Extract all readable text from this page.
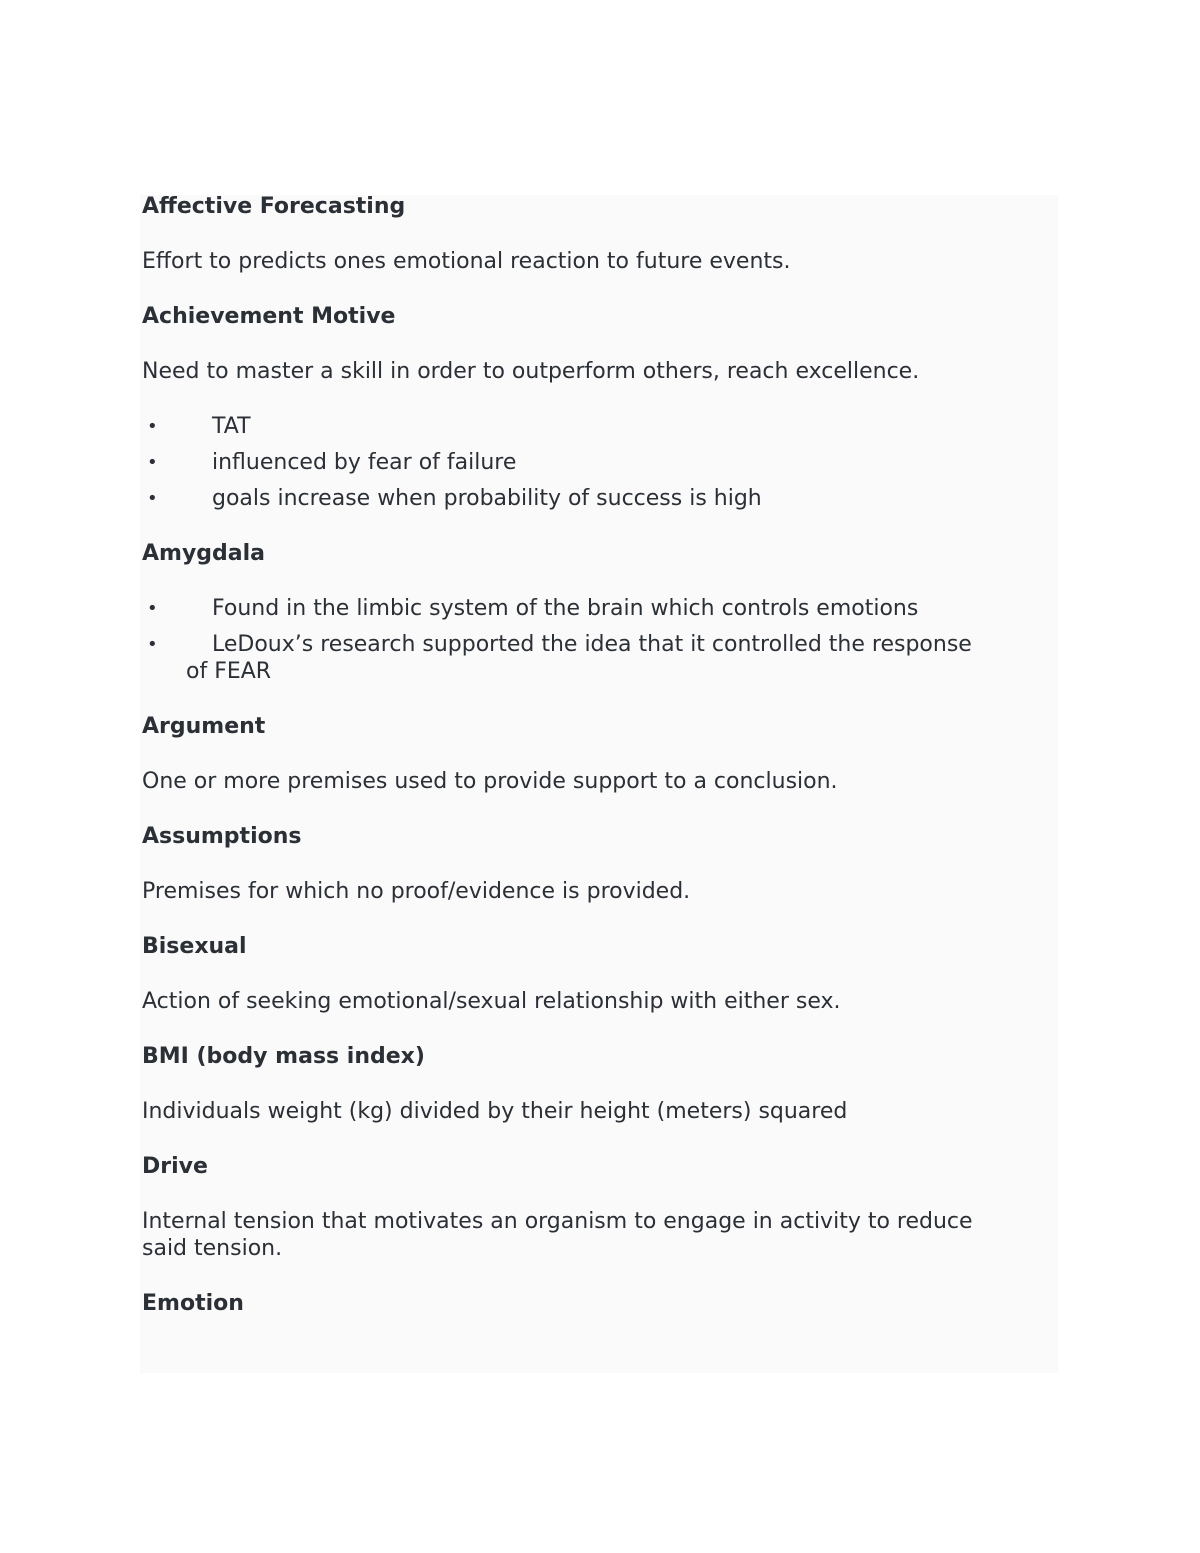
Affective Forecasting

Effort to predicts ones emotional reaction to future events.

Achievement Motive

Need to master a skill in order to outperform others, reach excellence.

• TAT
• influenced by fear of failure
• goals increase when probability of success is high

Amygdala

• Found in the limbic system of the brain which controls emotions
• LeDoux’s research supported the idea that it controlled the response
of FEAR

Argument

One or more premises used to provide support to a conclusion.

Assumptions

Premises for which no proof/evidence is provided.

Bisexual

Action of seeking emotional/sexual relationship with either sex.

BMI (body mass index)

Individuals weight (kg) divided by their height (meters) squared

Drive

Internal tension that motivates an organism to engage in activity to reduce
said tension.

Emotion
